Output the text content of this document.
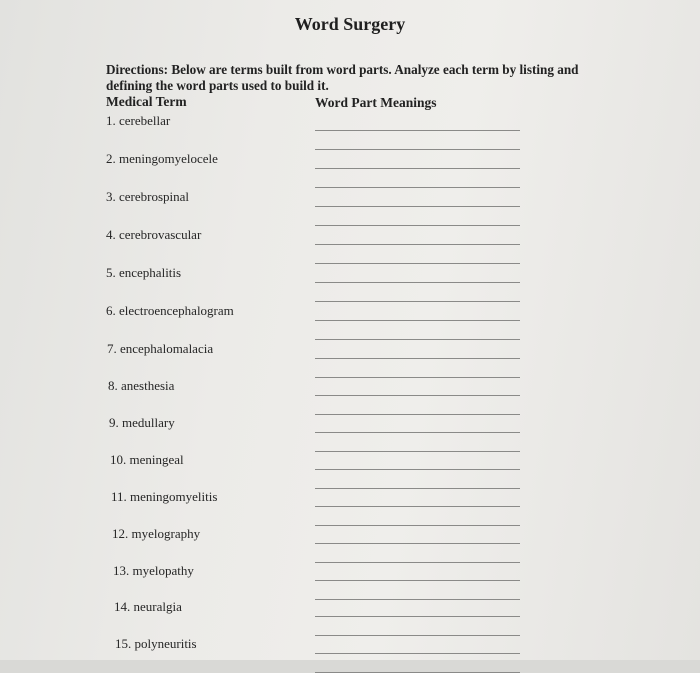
Word Surgery
Directions: Below are terms built from word parts. Analyze each term by listing and defining the word parts used to build it.
Medical Term	Word Part Meanings
1. cerebellar
2. meningomyelocele
3. cerebrospinal
4. cerebrovascular
5. encephalitis
6. electroencephalogram
7. encephalomalacia
8. anesthesia
9. medullary
10. meningeal
11. meningomyelitis
12. myelography
13. myelopathy
14. neuralgia
15. polyneuritis
